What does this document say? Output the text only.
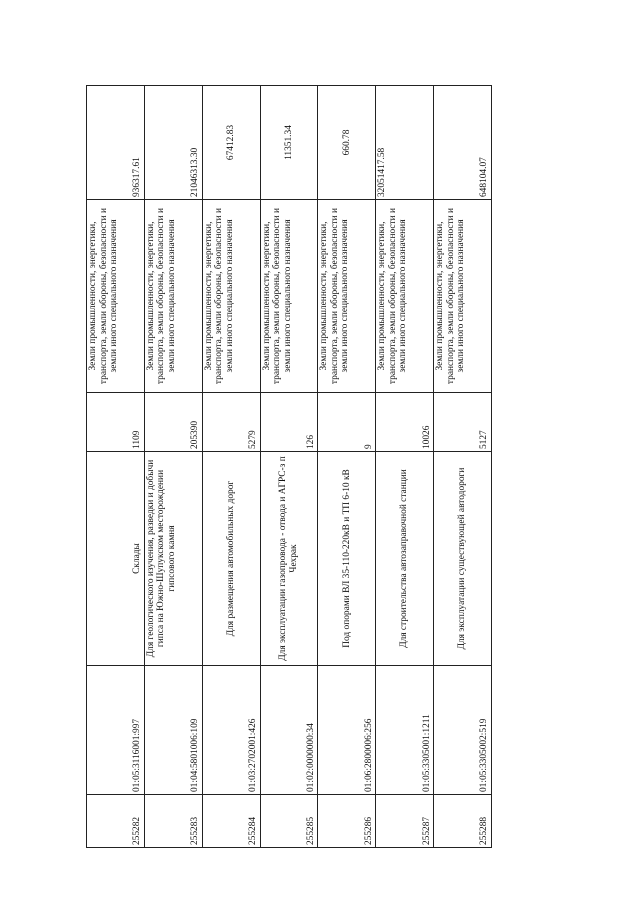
255282	01:05:3116001:997	Склады	1109	Земли промышленности, энергетики, транспорта, земли обороны, безопасности и земли иного специального назначения	936317.61
255283	01:04:5801006:109	Для геологического изучения, разведки и добычи гипса на Южно-Шупукском месторождении гипсового камня	205390	Земли промышленности, энергетики, транспорта, земли обороны, безопасности и земли иного специального назначения	21046313.30
255284	01:03:2702001:426	Для размещения автомобильных дорог	5279	Земли промышленности, энергетики, транспорта, земли обороны, безопасности и земли иного специального назначения	67412.83
255285	01:02:0000000:34	Для эксплуатации газопровода - отвода и АГРС-з п Чехрак	126	Земли промышленности, энергетики, транспорта, земли обороны, безопасности и земли иного специального назначения	11351.34
255286	01:06:2800006:256	Под опорами ВЛ 35-110-220кВ и ТП 6-10 кВ	9	Земли промышленности, энергетики, транспорта, земли обороны, безопасности и земли иного специального назначения	660.78
255287	01:05:3305001:1211	Для строительства автозаправочной станции	10026	Земли промышленности, энергетики, транспорта, земли обороны, безопасности и земли иного специального назначения	32051417.58
255288	01:05:3305002:519	Для эксплуатации существующей автодороги	5127	Земли промышленности, энергетики, транспорта, земли обороны, безопасности и земли иного специального назначения	648104.07
